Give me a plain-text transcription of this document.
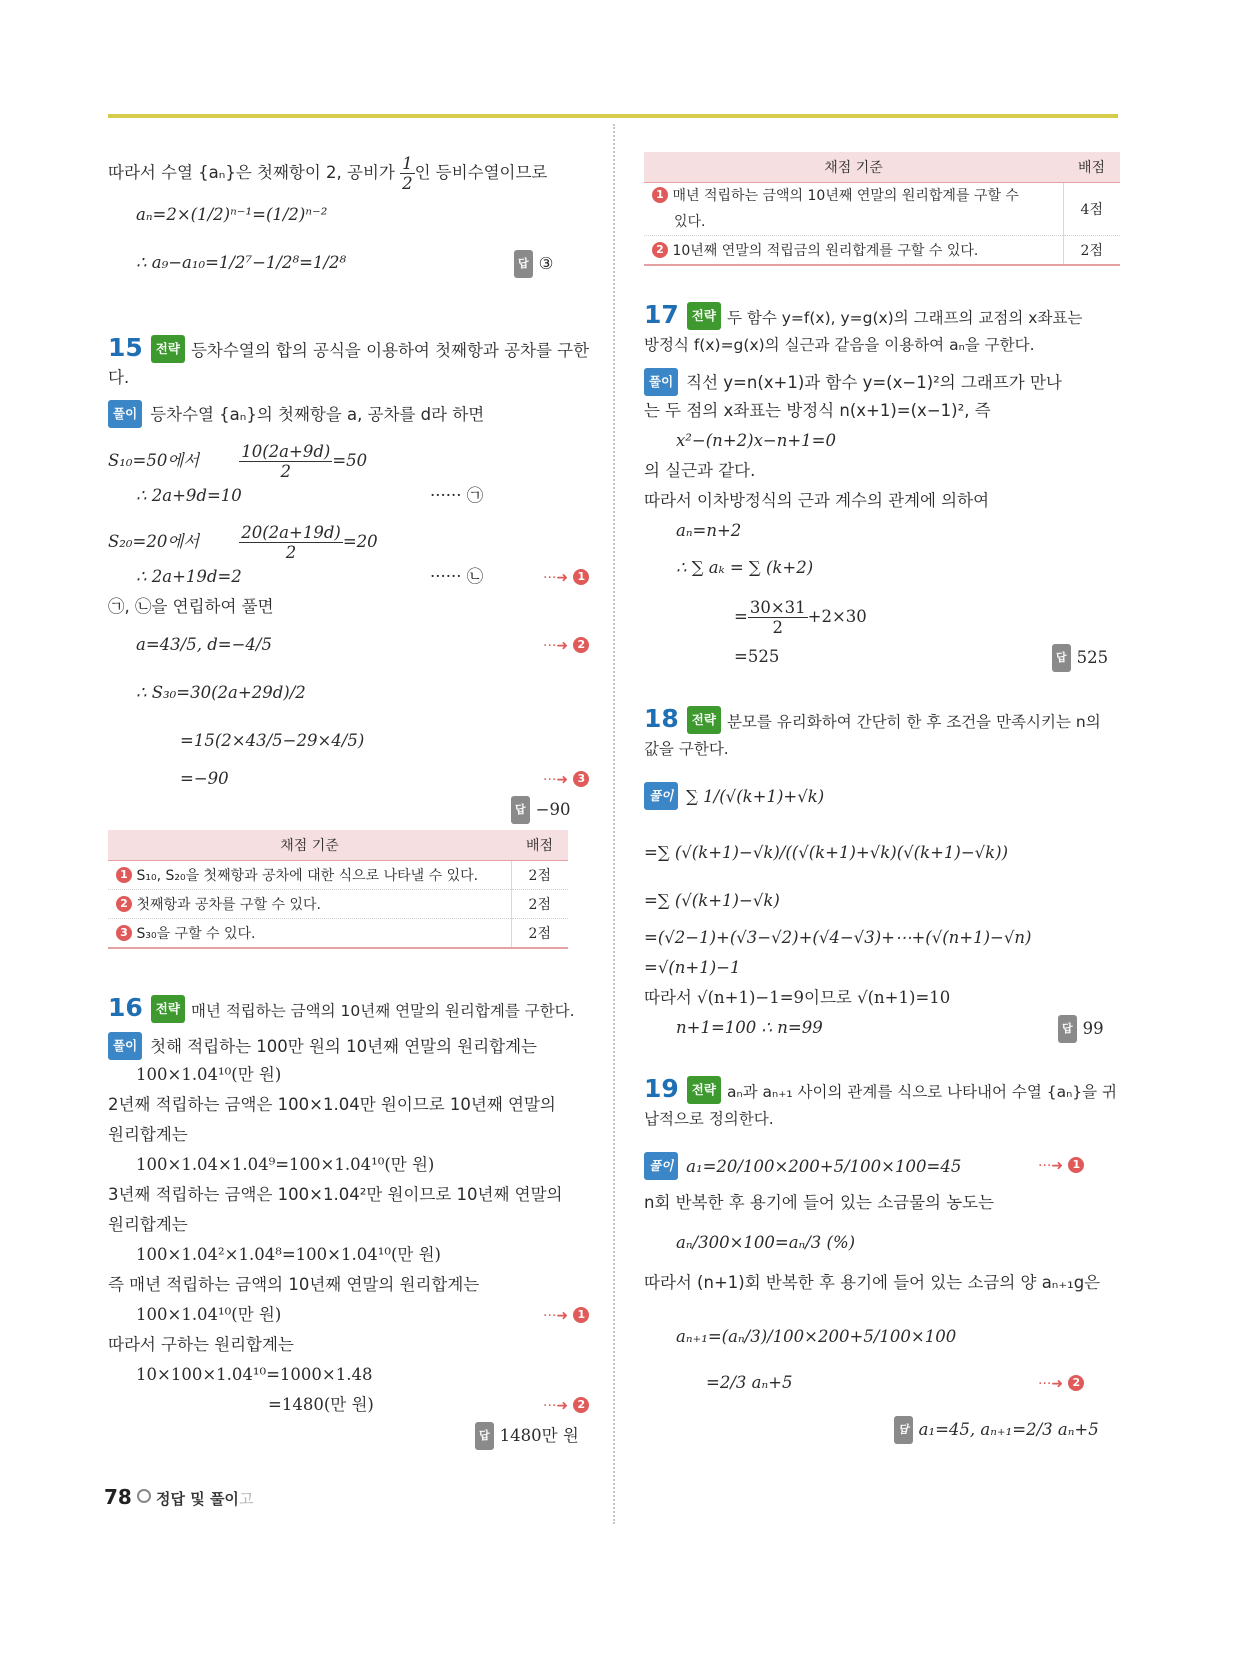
따라서 수열 {aₙ}은 첫째항이 2, 공비가 $\frac{1}{2}$ 인 등비수열이므로
aₙ=2×(1/2)ⁿ⁻¹=(1/2)ⁿ⁻²
∴ a₉−a₁₀=1/2⁷−1/2⁸=1/2⁸	답 ③
15 전략 등차수열의 합의 공식을 이용하여 첫째항과 공차를 구한
다.
풀이 등차수열 {aₙ}의 첫째항을 a, 공차를 d라 하면
S₁₀=50에서 $\frac{10(2a+9d)}{2} =50$
∴ 2a+9d=10	······ ㉠
S₂₀=20에서 $\frac{20(2a+19d)}{2} =20$
∴ 2a+19d=2	······ ㉡	···➜ 1
㉠, ㉡을 연립하여 풀면
a=43/5, d=−4/5	···➜ 2
∴ S₃₀=30(2a+29d)/2
=15(2×43/5−29×4/5)
=−90	···➜ 3
답 −90
채점 기준	배점
1 S₁₀, S₂₀을 첫째항과 공차에 대한 식으로 나타낼 수 있다.	2점
2 첫째항과 공차를 구할 수 있다.	2점
3 S₃₀을 구할 수 있다.	2점
16 전략 매년 적립하는 금액의 10년째 연말의 원리합계를 구한다.
풀이 첫해 적립하는 100만 원의 10년째 연말의 원리합계는
100×1.04¹⁰(만 원)
2년째 적립하는 금액은 100×1.04만 원이므로 10년째 연말의
원리합계는
100×1.04×1.04⁹=100×1.04¹⁰(만 원)
3년째 적립하는 금액은 100×1.04²만 원이므로 10년째 연말의
원리합계는
100×1.04²×1.04⁸=100×1.04¹⁰(만 원)
즉 매년 적립하는 금액의 10년째 연말의 원리합계는
100×1.04¹⁰(만 원)	···➜ 1
따라서 구하는 원리합계는
10×100×1.04¹⁰=1000×1.48
=1480(만 원)	···➜ 2
답 1480만 원
채점 기준	배점
1 매년 적립하는 금액의 10년째 연말의 원리합계를 구할 수
있다.	4점
2 10년째 연말의 적립금의 원리합계를 구할 수 있다.	2점
17 전략 두 함수 y=f(x), y=g(x)의 그래프의 교점의 x좌표는
방정식 f(x)=g(x)의 실근과 같음을 이용하여 aₙ을 구한다.
풀이 직선 y=n(x+1)과 함수 y=(x−1)²의 그래프가 만나
는 두 점의 x좌표는 방정식 n(x+1)=(x−1)², 즉
x²−(n+2)x−n+1=0
의 실근과 같다.
따라서 이차방정식의 근과 계수의 관계에 의하여
aₙ=n+2
∴ ∑ aₖ = ∑ (k+2)
= $\frac{30\times 31}{2} +2\times 30$
=525	답 525
18 전략 분모를 유리화하여 간단히 한 후 조건을 만족시키는 n의
값을 구한다.
풀이 ∑ 1/(√(k+1)+√k)
=∑ (√(k+1)−√k)/((√(k+1)+√k)(√(k+1)−√k))
=∑ (√(k+1)−√k)
=(√2−1)+(√3−√2)+(√4−√3)+⋯+(√(n+1)−√n)
=√(n+1)−1
따라서 √(n+1)−1=9이므로 √(n+1)=10
n+1=100 ∴ n=99	답 99
19 전략 aₙ과 aₙ₊₁ 사이의 관계를 식으로 나타내어 수열 {aₙ}을 귀
납적으로 정의한다.
풀이 a₁=20/100×200+5/100×100=45	···➜ 1
n회 반복한 후 용기에 들어 있는 소금물의 농도는
aₙ/300×100=aₙ/3 (%)
따라서 (n+1)회 반복한 후 용기에 들어 있는 소금의 양 aₙ₊₁g은
aₙ₊₁=(aₙ/3)/100×200+5/100×100
=2/3 aₙ+5	···➜ 2
답 a₁=45, aₙ₊₁=2/3 aₙ+5
78 정답 및 풀이고
